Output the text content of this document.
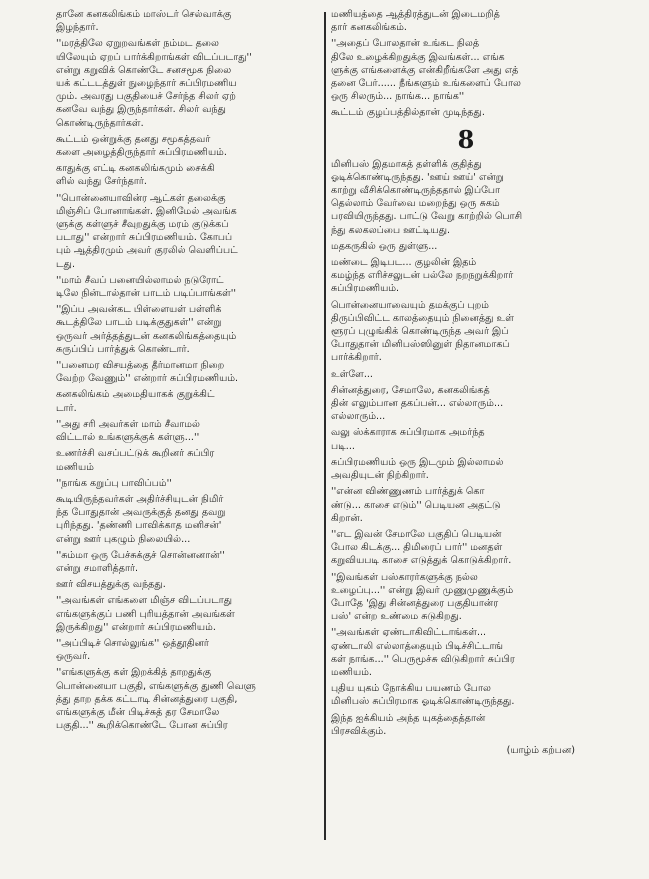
தானே கனகலிங்கம் மாஸ்டர் செல்வாக்கு
இழந்தார்.

''மரத்திலே ஏறுறவங்கள் நம்மட தலை
யிலேயும் ஏறப் பார்க்கிறாங்கள் விடப்படாது''
என்று கறுவிக் கொண்டே சனசமூக நிலை
யக் கட்டடத்துள் நுழைந்தார் சுப்பிரமணிய
மும். அவரது பகுதியைச் சேர்ந்த சிலர் ஏற்
கனவே வந்து இருந்தார்கள். சிலர் வந்து
கொண்டிருந்தார்கள்.

கூட்டம் ஒன்றுக்கு தனது சமூகத்தவர்
களை அழைத்திருந்தார் சுப்பிரமணியம்.

காதுக்கு எட்டி கனகலிங்கமும் சைக்கி
ளில் வந்து சேர்ந்தார்.

''பொன்னையாவின்ர ஆட்கள் தலைக்கு
மிஞ்சிப் போனாங்கள். இனிமேல் அவங்க
ளுக்கு கள்ளுச் சீவுறதுக்கு மரம் குடுக்கப்
படாது'' என்றார் சுப்பிரமணியம். கோபப்
பும் ஆத்திரமும் அவர் குரலில் வெளிப்பட்
டது.

''மாம் சீவப் பனையில்லாமல் நடுரோட்
டிலே நின்டால்தான் பாடம் படிப்பாங்கள்''

''இப்ப அவன்கட பிள்ளையள் பள்ளிக்
கூடத்திலே பாடம் படிக்குதுகள்'' என்று
ஒருவர் அர்த்தத்துடன் கனகலிங்கத்தையும்
சுருப்பிப் பார்த்துக் கொண்டார்.

''பனைமர விசயத்தை தீர்மானமா நிறை
வேற்ற வேணும்'' என்றார் சுப்பிரமணியம்.

கனகலிங்கம் அமைதியாகக் குறுக்கிட்
டார்.

''அது சரி அவர்கள் மாம் சீவாமல்
விட்டால் உங்களுக்குக் கள்ளு...''

உணர்ச்சி வசப்பட்டுக் கூறினர் சுப்பிர
மணியம்

''நாங்க கறுப்பு பாவிப்பம்''

கூடியிருந்தவர்கள் அதிர்ச்சியுடன் நிமிர்
ந்த போதுதான் அவருக்குத் தனது தவறு
புரிந்தது. 'தண்ணி பாவிக்காத மனிசன்'
என்று ஊர் புகழும் நிலையில்...

''சும்மா ஒரு பேச்சுக்குச் சொன்னனான்''
என்று சமாளித்தார்.

ஊர் விசயத்துக்கு வந்தது.

''அவங்கள் எங்களை மிஞ்ச விடப்படாது
எங்களுக்குப் பணி புரியத்தான் அவங்கள்
இருக்கிறது'' என்றார் சுப்பிரமணியம்.

''அப்பிடிச் சொல்லுங்க'' ஒத்தூதினர்
ஒருவர்.

''எங்களுக்கு கள் இறக்கித் தாறதுக்கு
பொன்னையா பகுதி, எங்களுக்கு துணி வெளு
த்து தாற தக்க கட்டாடி சின்னத்துரை பகுதி,
எங்களுக்கு மீன் பிடிச்சுத் தர சேமாலே
பகுதி...'' கூறிக்கொண்டே போன சுப்பிர

மணியத்தை ஆத்திரத்துடன் இடைமறித்
தார் கனகலிங்கம்.

''அதைப் போலதான் உங்கட நிலத்
திலே உழைக்கிறதுக்கு இவங்கள்... எங்க
ளுக்கு எங்களைக்கு என்கிறீங்களே அது எத்
தனை பேர்...... நீங்களும் உங்களைப் போல
ஒரு சிலரும்... நாங்க... நாங்க''

கூட்டம் குழப்பத்தில்தான் முடிந்தது.

8

மினிபஸ் இதமாகத் தள்ளிக் குதித்து
ஓடிக்கொண்டிருந்தது. 'ஊய் ஊய்' என்று
காற்று வீசிக்கொண்டிருந்ததால் இப்போ
தெல்லாம் வேர்வை மறைந்து ஒரு சுகம்
பரவியிருந்தது. பாட்டு வேறு காற்றில் பொசி
ந்து கலகலப்பை ஊட்டியது.

மதகருகில் ஒரு துள்ளு...

மண்டை இடிபட... குழலின் இதம்
கமழ்ந்த எரிச்சலுடன் பல்லே நறநறுக்கிறார்
சுப்பிரமணியம்.

பொன்னையாவையும் தமக்குப் புறம்
திருப்பிவிட்ட காலத்தையும் நினைத்து உள்
ளூரப் புழுங்கிக் கொண்டிருந்த அவர் இப்
போதுதான் மினிபஸ்ஸினுள் நிதானமாகப்
பார்க்கிறார்.

உள்ளே...

சின்னத்துரை, சேமாலே, கனகலிங்கத்
தின் எலும்பான தகப்பன்... எல்லாரும்...
எல்லாரும்...

வலு ஸ்க்காராக சுப்பிரமாக அமர்ந்த
படி...

சுப்பிரமணியம் ஒரு இடமும் இல்லாமல்
அவதியுடன் நிற்கிறார்.

''என்ன விண்ணுணம் பார்த்துக் கொ
ண்டு... காசை எடும்'' பெடியன அதட்டு
கிறான்.

''எட இவன் சேமாலே பகுதிப் பெடியன்
போல கிடக்கு... திமிரைப் பார்'' மனதள்
கறுவியபடி காசை எடுத்துக் கொடுக்கிறார்.

''இவங்கள் பஸ்காரர்களுக்கு நல்ல
உழைப்பு...'' என்று இவர் முணுமுணுக்கும்
போதே 'இது சின்னத்துரை பகுதியான்ர
பஸ்' என்ற உண்மை சுடுகிறது.

''அவங்கள் ஏண்டாகிவிட்டாங்கள்...
ஏண்டாலி எல்லாத்தையும் பிடிச்சிட்டாங்
கள் நாங்க...'' பெருமூச்சு விடுகிறார் சுப்பிர
மணியம்.

புதிய யுகம் நோக்கிய பயணம் போல
மினிபஸ் சுப்பிரமாக ஓடிக்கொண்டிருந்தது.

இந்த ஐக்கியம் அந்த யுகத்தைத்தான்
பிரசவிக்கும்.

(யாழ்ம் கற்பன)
